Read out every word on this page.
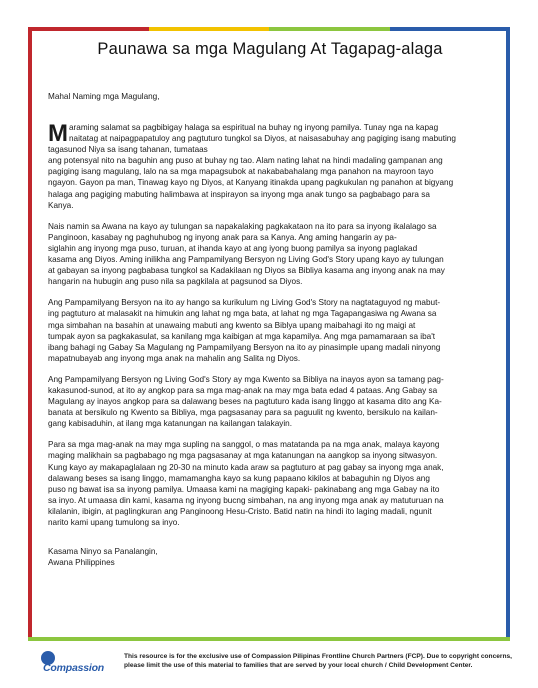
Paunawa sa mga Magulang At Tagapag-alaga
Mahal Naming mga Magulang,
M araming salamat sa pagbibigay halaga sa espiritual na buhay ng inyong pamilya. Tunay nga na kapag
naitatag at naipagpapatuloy ang pagtuturo tungkol sa Diyos, at naisasabuhay ang pagiging isang mabuting
tagasunod Niya sa isang tahanan, tumataas
ang potensyal nito na baguhin ang puso at buhay ng tao. Alam nating lahat na hindi madaling gampanan ang
pagiging isang magulang, lalo na sa mga mapagsubok at nakababahalang mga panahon na mayroon tayo
ngayon. Gayon pa man, Tinawag kayo ng Diyos, at Kanyang itinakda upang pagkukulan ng panahon at bigyang
halaga ang pagiging mabuting halimbawa at inspirayon sa inyong mga anak tungo sa pagbabago para sa
Kanya.
Nais namin sa Awana na kayo ay tulungan sa napakalaking pagkakataon na ito para sa inyong ikalalago sa
Panginoon, kasabay ng paghuhubog ng inyong anak para sa Kanya. Ang aming hangarin ay pa-
siglahin ang inyong mga puso, turuan, at ihanda kayo at ang iyong buong pamilya sa inyong paglakad
kasama ang Diyos. Aming inilikha ang Pampamilyang Bersyon ng Living God's Story upang kayo ay tulungan
at gabayan sa inyong pagbabasa tungkol sa Kadakilaan ng Diyos sa Bibliya kasama ang inyong anak na may
hangarin na hubugin ang puso nila sa pagkilala at pagsunod sa Diyos.
Ang Pampamilyang Bersyon na ito ay hango sa kurikulum ng Living God's Story na nagtataguyod ng mabut-
ing pagtuturo at malasakit na himukin ang lahat ng mga bata, at lahat ng mga Tagapangasiwa ng Awana sa
mga simbahan na basahin at unawaing mabuti ang kwento sa Biblya upang maibahagi ito ng maigi at
tumpak ayon sa pagkakasulat, sa kanilang mga kaibigan at mga kapamilya. Ang mga pamamaraan sa iba't
ibang bahagi ng Gabay Sa Magulang ng Pampamilyang Bersyon na ito ay pinasimple upang madali ninyong
mapatnubayab ang inyong mga anak na mahalin ang Salita ng Diyos.
Ang Pampamilyang Bersyon ng Living God's Story ay mga Kwento sa Bibliya na inayos ayon sa tamang pag-
kakasunod-sunod, at ito ay angkop para sa mga mag-anak na may mga bata edad 4 pataas. Ang Gabay sa
Magulang ay inayos angkop para sa dalawang beses na pagtuturo kada isang linggo at kasama dito ang Ka-
banata at bersikulo ng Kwento sa Bibliya, mga pagsasanay para sa paguulit ng kwento, bersikulo na kailan-
gang kabisaduhin, at ilang mga katanungan na kailangan talakayin.
Para sa mga mag-anak na may mga supling na sanggol, o mas matatanda pa na mga anak, malaya kayong
maging malikhain sa pagbabago ng mga pagsasanay at mga katanungan na aangkop sa inyong sitwasyon.
Kung kayo ay makapaglalaan ng 20-30 na minuto kada araw sa pagtuturo at pag gabay sa inyong mga anak,
dalawang beses sa isang linggo, mamamangha kayo sa kung papaano kikilos at babaguhin ng Diyos ang
puso ng bawat isa sa inyong pamilya. Umaasa kami na magiging kapaki- pakinabang ang mga Gabay na ito
sa inyo. At umaasa din kami, kasama ng inyong bucng simbahan, na ang inyong mga anak ay matuturuan na
kilalanin, ibigin, at paglingkuran ang Panginoong Hesu-Cristo. Batid natin na hindi ito laging madali, ngunit
narito kami upang tumulong sa inyo.
Kasama Ninyo sa Panalangin,
Awana Philippines
Compassion
This resource is for the exclusive use of Compassion Pilipinas Frontline Church Partners (FCP). Due to copyright concerns, please limit the use of this material to families that are served by your local church / Child Development Center.
